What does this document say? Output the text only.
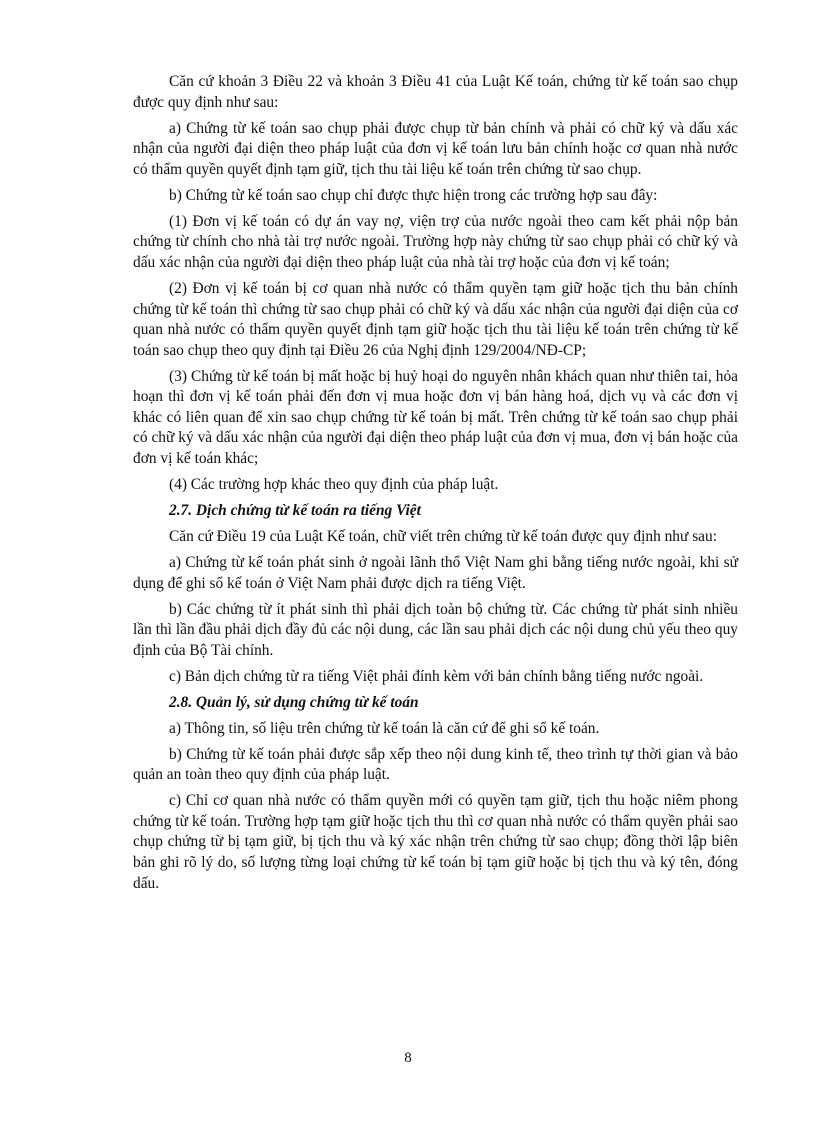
Căn cứ khoản 3 Điều 22 và khoản 3 Điều 41 của Luật Kế toán, chứng từ kế toán sao chụp được quy định như sau:

a) Chứng từ kế toán sao chụp phải được chụp từ bản chính và phải có chữ ký và dấu xác nhận của người đại diện theo pháp luật của đơn vị kế toán lưu bản chính hoặc cơ quan nhà nước có thẩm quyền quyết định tạm giữ, tịch thu tài liệu kế toán trên chứng từ sao chụp.

b) Chứng từ kế toán sao chụp chỉ được thực hiện trong các trường hợp sau đây:

(1) Đơn vị kế toán có dự án vay nợ, viện trợ của nước ngoài theo cam kết phải nộp bản chứng từ chính cho nhà tài trợ nước ngoài. Trường hợp này chứng từ sao chụp phải có chữ ký và dấu xác nhận của người đại diện theo pháp luật của nhà tài trợ hoặc của đơn vị kế toán;

(2) Đơn vị kế toán bị cơ quan nhà nước có thẩm quyền tạm giữ hoặc tịch thu bản chính chứng từ kế toán thì chứng từ sao chụp phải có chữ ký và dấu xác nhận của người đại diện của cơ quan nhà nước có thẩm quyền quyết định tạm giữ hoặc tịch thu tài liệu kế toán trên chứng từ kế toán sao chụp theo quy định tại Điều 26 của Nghị định 129/2004/NĐ-CP;

(3) Chứng từ kế toán bị mất hoặc bị huỷ hoại do nguyên nhân khách quan như thiên tai, hỏa hoạn thì đơn vị kế toán phải đến đơn vị mua hoặc đơn vị bán hàng hoá, dịch vụ và các đơn vị khác có liên quan để xin sao chụp chứng từ kế toán bị mất. Trên chứng từ kế toán sao chụp phải có chữ ký và dấu xác nhận của người đại diện theo pháp luật của đơn vị mua, đơn vị bán hoặc của đơn vị kế toán khác;

(4) Các trường hợp khác theo quy định của pháp luật.

2.7. Dịch chứng từ kế toán ra tiếng Việt

Căn cứ Điều 19 của Luật Kế toán, chữ viết trên chứng từ kế toán được quy định như sau:

a) Chứng từ kế toán phát sinh ở ngoài lãnh thổ Việt Nam ghi bằng tiếng nước ngoài, khi sử dụng để ghi sổ kế toán ở Việt Nam phải được dịch ra tiếng Việt.

b) Các chứng từ ít phát sinh thì phải dịch toàn bộ chứng từ. Các chứng từ phát sinh nhiều lần thì lần đầu phải dịch đầy đủ các nội dung, các lần sau phải dịch các nội dung chủ yếu theo quy định của Bộ Tài chính.

c) Bản dịch chứng từ ra tiếng Việt phải đính kèm với bản chính bằng tiếng nước ngoài.

2.8. Quản lý, sử dụng chứng từ kế toán

a) Thông tin, số liệu trên chứng từ kế toán là căn cứ để ghi sổ kế toán.

b) Chứng từ kế toán phải được sắp xếp theo nội dung kinh tế, theo trình tự thời gian và bảo quản an toàn theo quy định của pháp luật.

c) Chỉ cơ quan nhà nước có thẩm quyền mới có quyền tạm giữ, tịch thu hoặc niêm phong chứng từ kế toán. Trường hợp tạm giữ hoặc tịch thu thì cơ quan nhà nước có thẩm quyền phải sao chụp chứng từ bị tạm giữ, bị tịch thu và ký xác nhận trên chứng từ sao chụp; đồng thời lập biên bản ghi rõ lý do, số lượng từng loại chứng từ kế toán bị tạm giữ hoặc bị tịch thu và ký tên, đóng dấu.

8
